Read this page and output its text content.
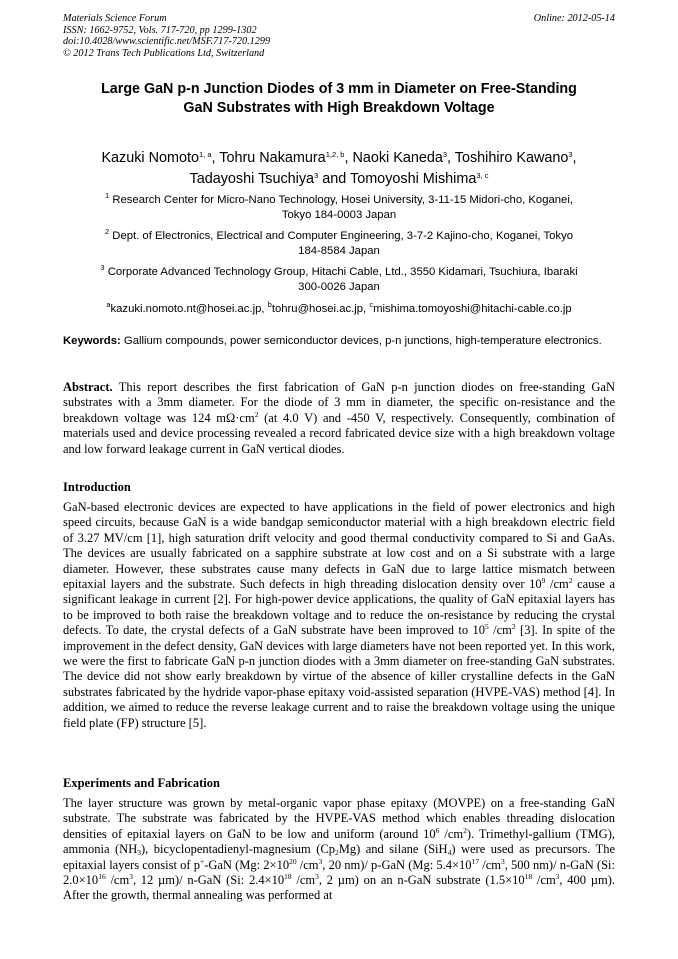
Materials Science Forum
ISSN: 1662-9752, Vols. 717-720, pp 1299-1302
doi:10.4028/www.scientific.net/MSF.717-720.1299
© 2012 Trans Tech Publications Ltd, Switzerland
Online: 2012-05-14
Large GaN p-n Junction Diodes of 3 mm in Diameter on Free-Standing
GaN Substrates with High Breakdown Voltage
Kazuki Nomoto$^{1, a}$, Tohru Nakamura$^{1,2, b}$, Naoki Kaneda$^3$, Toshihiro Kawano$^3$,
Tadayoshi Tsuchiya$^3$ and Tomoyoshi Mishima$^{3, c}$
$^1$ Research Center for Micro-Nano Technology, Hosei University, 3-11-15 Midori-cho, Koganei,
Tokyo 184-0003 Japan
$^2$ Dept. of Electronics, Electrical and Computer Engineering, 3-7-2 Kajino-cho, Koganei, Tokyo
184-8584 Japan
$^3$ Corporate Advanced Technology Group, Hitachi Cable, Ltd., 3550 Kidamari, Tsuchiura, Ibaraki
300-0026 Japan
$^a$kazuki.nomoto.nt@hosei.ac.jp, $^b$tohru@hosei.ac.jp, $^c$mishima.tomoyoshi@hitachi-cable.co.jp
Keywords: Gallium compounds, power semiconductor devices, p-n junctions, high-temperature electronics.
Abstract. This report describes the first fabrication of GaN p-n junction diodes on free-standing GaN substrates with a 3mm diameter. For the diode of 3 mm in diameter, the specific on-resistance and the breakdown voltage was 124 $m\Omega\cdot cm^2$ (at 4.0 V) and -450 V, respectively. Consequently, combination of materials used and device processing revealed a record fabricated device size with a high breakdown voltage and low forward leakage current in GaN vertical diodes.
Introduction
GaN-based electronic devices are expected to have applications in the field of power electronics and high speed circuits, because GaN is a wide bandgap semiconductor material with a high breakdown electric field of 3.27 MV/cm [1], high saturation drift velocity and good thermal conductivity compared to Si and GaAs. The devices are usually fabricated on a sapphire substrate at low cost and on a Si substrate with a large diameter. However, these substrates cause many defects in GaN due to large lattice mismatch between epitaxial layers and the substrate. Such defects in high threading dislocation density over $10^9$ $/cm^2$ cause a significant leakage in current [2]. For high-power device applications, the quality of GaN epitaxial layers has to be improved to both raise the breakdown voltage and to reduce the on-resistance by reducing the crystal defects. To date, the crystal defects of a GaN substrate have been improved to $10^5$ $/cm^2$ [3]. In spite of the improvement in the defect density, GaN devices with large diameters have not been reported yet. In this work, we were the first to fabricate GaN p-n junction diodes with a 3mm diameter on free-standing GaN substrates. The device did not show early breakdown by virtue of the absence of killer crystalline defects in the GaN substrates fabricated by the hydride vapor-phase epitaxy void-assisted separation (HVPE-VAS) method [4]. In addition, we aimed to reduce the reverse leakage current and to raise the breakdown voltage using the unique field plate (FP) structure [5].
Experiments and Fabrication
The layer structure was grown by metal-organic vapor phase epitaxy (MOVPE) on a free-standing GaN substrate. The substrate was fabricated by the HVPE-VAS method which enables threading dislocation densities of epitaxial layers on GaN to be low and uniform (around $10^6$ $/cm^2$). Trimethyl-gallium (TMG), ammonia $(NH_3)$, bicyclopentadienyl-magnesium $(Cp_2Mg)$ and silane (SiH$_4$) were used as precursors. The epitaxial layers consist of p+-GaN (Mg: $2\times 10^{20}$ $/cm^3$, 20 nm)/ p-GaN (Mg: $5.4\times 10^{17}$ $/cm^3$, 500 nm)/ n-GaN (Si: $2.0\times 10^{16}$ $/cm^3$, 12 µm)/ n-GaN (Si: $2.4\times 10^{18}$ $/cm^3$, 2 µm) on an n-GaN substrate ($1.5\times 10^{18}$ $/cm^3$, 400 µm). After the growth, thermal annealing was performed at
